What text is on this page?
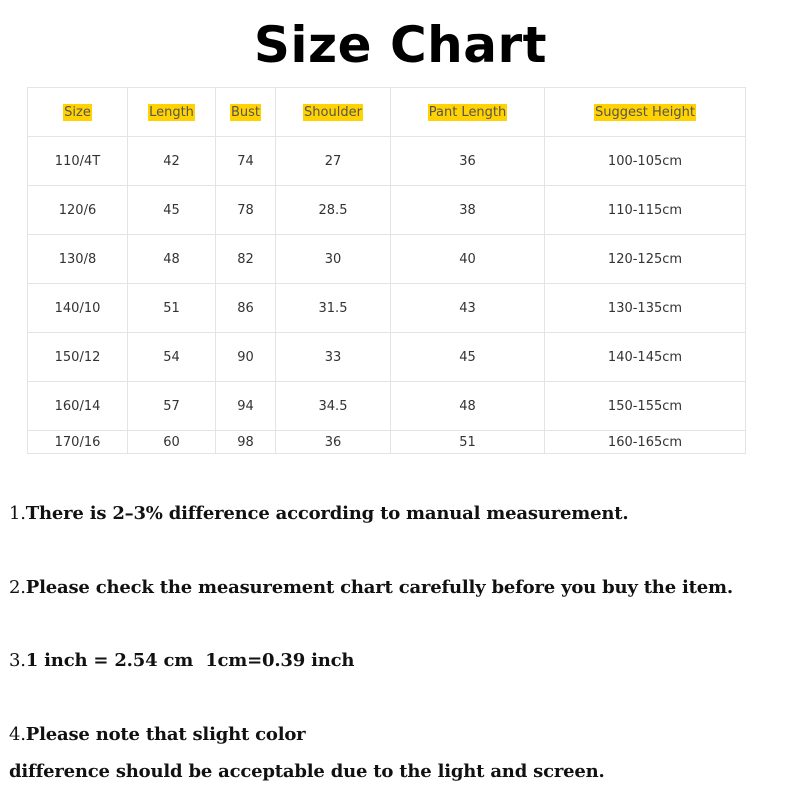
Size Chart
Size	Length	Bust	Shoulder	Pant Length	Suggest Height
110/4T	42	74	27	36	100-105cm
120/6	45	78	28.5	38	110-115cm
130/8	48	82	30	40	120-125cm
140/10	51	86	31.5	43	130-135cm
150/12	54	90	33	45	140-145cm
160/14	57	94	34.5	48	150-155cm
170/16	60	98	36	51	160-165cm
1.There is 2–3% difference according to manual measurement.
2.Please check the measurement chart carefully before you buy the item.
3.1 inch = 2.54 cm  1cm=0.39 inch
4.Please note that slight color
difference should be acceptable due to the light and screen.
